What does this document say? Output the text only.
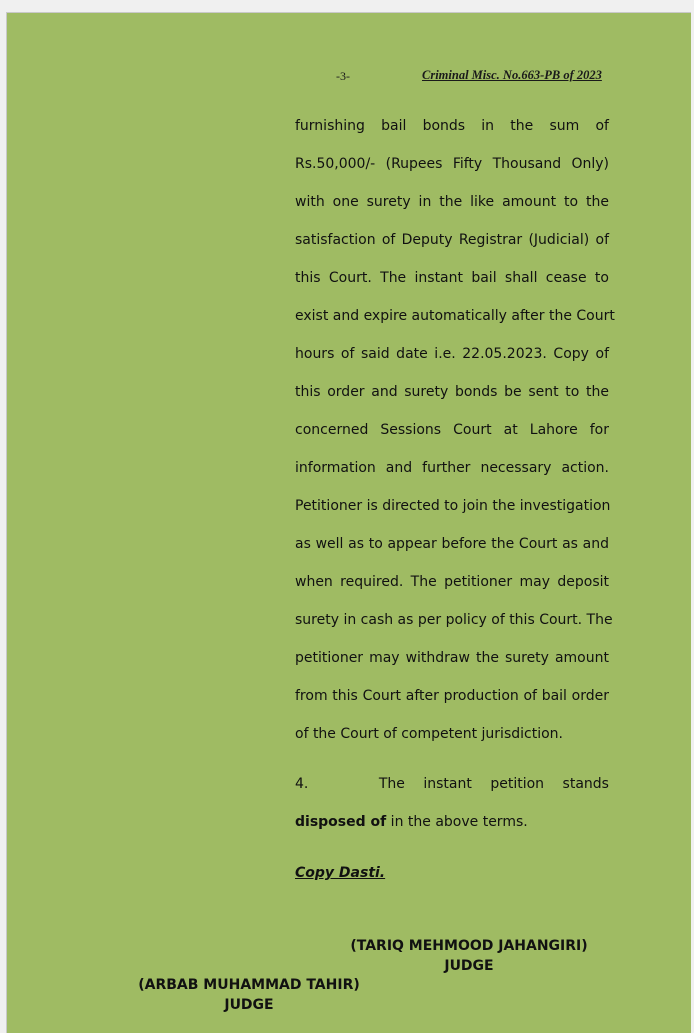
-3-	Criminal Misc. No.663-PB of 2023
furnishing bail bonds in the sum of
Rs.50,000/- (Rupees Fifty Thousand Only)
with one surety in the like amount to the
satisfaction of Deputy Registrar (Judicial) of
this Court. The instant bail shall cease to
exist and expire automatically after the Court
hours of said date i.e. 22.05.2023. Copy of
this order and surety bonds be sent to the
concerned Sessions Court at Lahore for
information and further necessary action.
Petitioner is directed to join the investigation
as well as to appear before the Court as and
when required. The petitioner may deposit
surety in cash as per policy of this Court. The
petitioner may withdraw the surety amount
from this Court after production of bail order
of the Court of competent jurisdiction.
4.	The instant petition stands
disposed of in the above terms.
Copy Dasti.
(TARIQ MEHMOOD JAHANGIRI)
JUDGE
(ARBAB MUHAMMAD TAHIR)
JUDGE
